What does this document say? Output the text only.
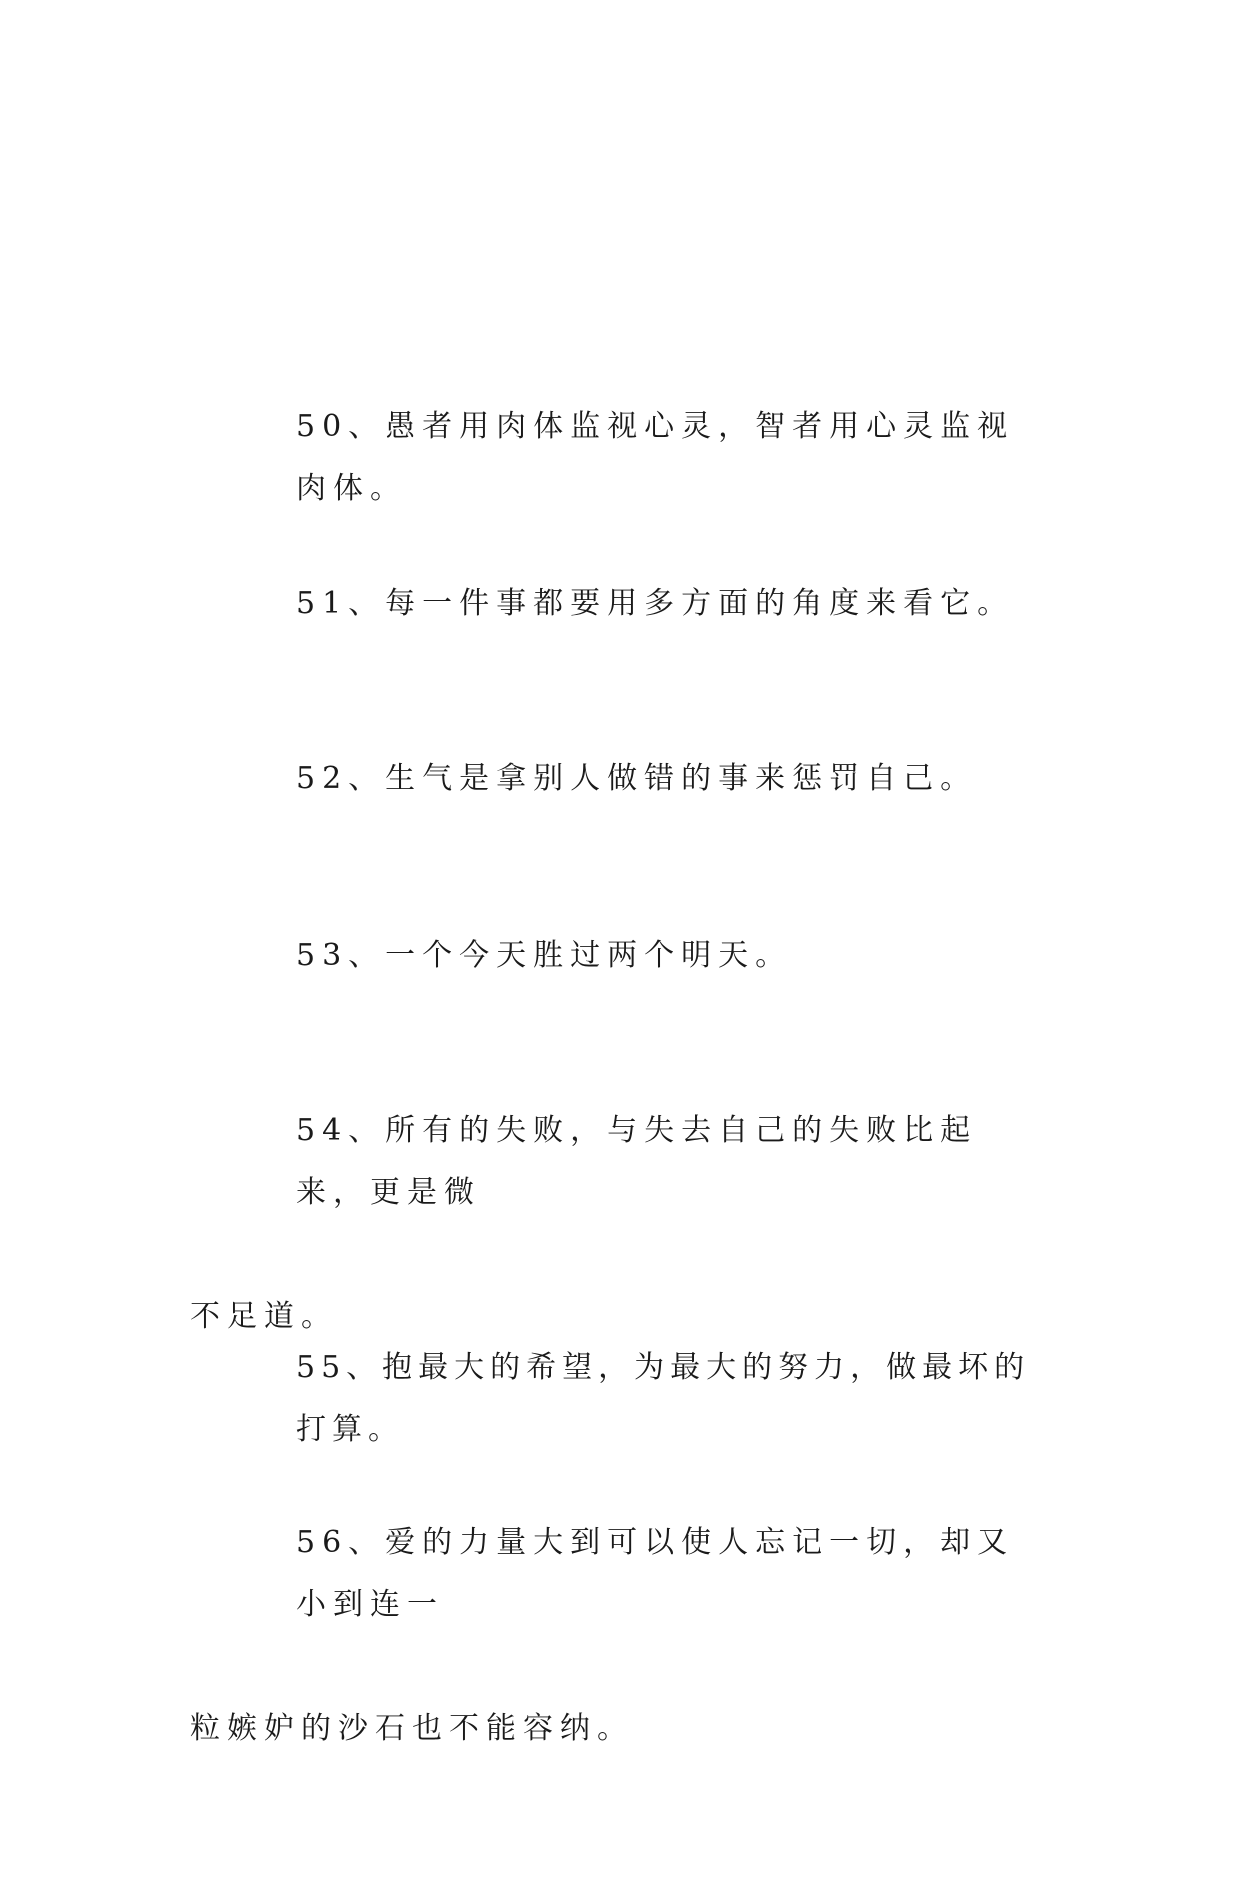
50、愚者用肉体监视心灵，智者用心灵监视肉体。

51、每一件事都要用多方面的角度来看它。

52、生气是拿别人做错的事来惩罚自己。

53、一个今天胜过两个明天。

54、所有的失败，与失去自己的失败比起来，更是微

不足道。

55、抱最大的希望，为最大的努力，做最坏的打算。

56、爱的力量大到可以使人忘记一切，却又小到连一

粒嫉妒的沙石也不能容纳。
